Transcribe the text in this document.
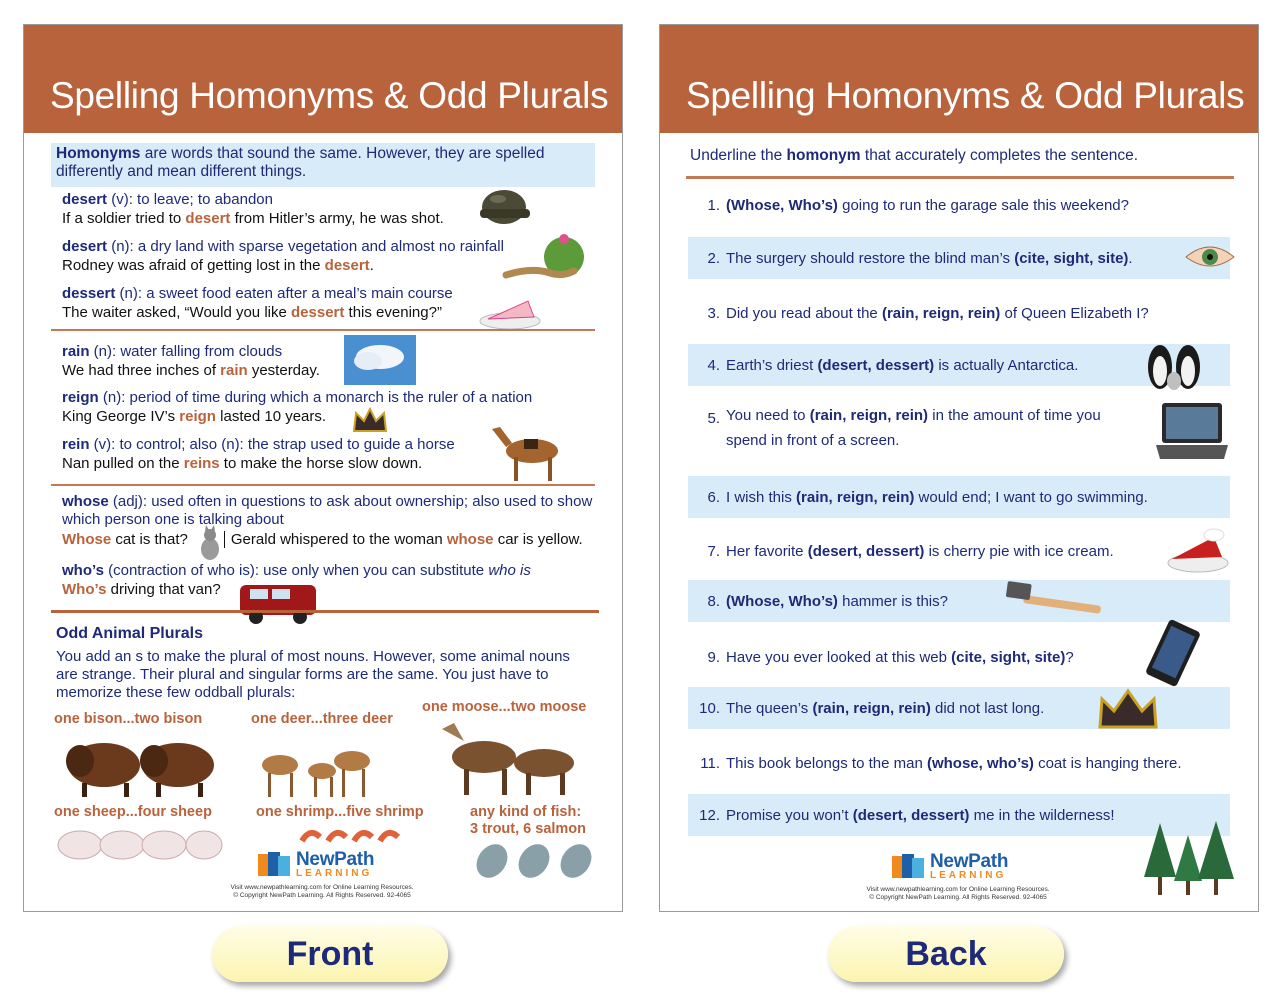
Spelling Homonyms & Odd Plurals
Homonyms are words that sound the same. However, they are spelled differently and mean different things.
desert (v): to leave; to abandon
If a soldier tried to desert from Hitler’s army, he was shot.
desert (n): a dry land with sparse vegetation and almost no rainfall
Rodney was afraid of getting lost in the desert.
dessert (n): a sweet food eaten after a meal’s main course
The waiter asked, “Would you like dessert this evening?”
rain (n): water falling from clouds
We had three inches of rain yesterday.
reign (n): period of time during which a monarch is the ruler of a nation
King George IV’s reign lasted 10 years.
rein (v): to control; also (n): the strap used to guide a horse
Nan pulled on the reins to make the horse slow down.
whose (adj): used often in questions to ask about ownership; also used to show which person one is talking about
Whose cat is that?	Gerald whispered to the woman whose car is yellow.
who’s (contraction of who is): use only when you can substitute who is
Who’s driving that van?
Odd Animal Plurals
You add an s to make the plural of most nouns. However, some animal nouns are strange. Their plural and singular forms are the same. You just have to memorize these few oddball plurals:
one bison...two bison	one deer...three deer
one moose...two moose
one sheep...four sheep	one shrimp...five shrimp	any kind of fish:
3 trout, 6 salmon
NewPath
LEARNING
Visit www.newpathlearning.com for Online Learning Resources.
© Copyright NewPath Learning. All Rights Reserved. 92-4065
Spelling Homonyms & Odd Plurals
Underline the homonym that accurately completes the sentence.
1. (Whose, Who’s) going to run the garage sale this weekend?
2. The surgery should restore the blind man’s (cite, sight, site).
3. Did you read about the (rain, reign, rein) of Queen Elizabeth I?
4. Earth’s driest (desert, dessert) is actually Antarctica.
5. You need to (rain, reign, rein) in the amount of time you
spend in front of a screen.
6. I wish this (rain, reign, rein) would end; I want to go swimming.
7. Her favorite (desert, dessert) is cherry pie with ice cream.
8. (Whose, Who’s) hammer is this?
9. Have you ever looked at this web (cite, sight, site)?
10. The queen’s (rain, reign, rein) did not last long.
11. This book belongs to the man (whose, who’s) coat is hanging there.
12. Promise you won’t (desert, dessert) me in the wilderness!
NewPath
LEARNING
Visit www.newpathlearning.com for Online Learning Resources.
© Copyright NewPath Learning. All Rights Reserved. 92-4065
Front	Back
